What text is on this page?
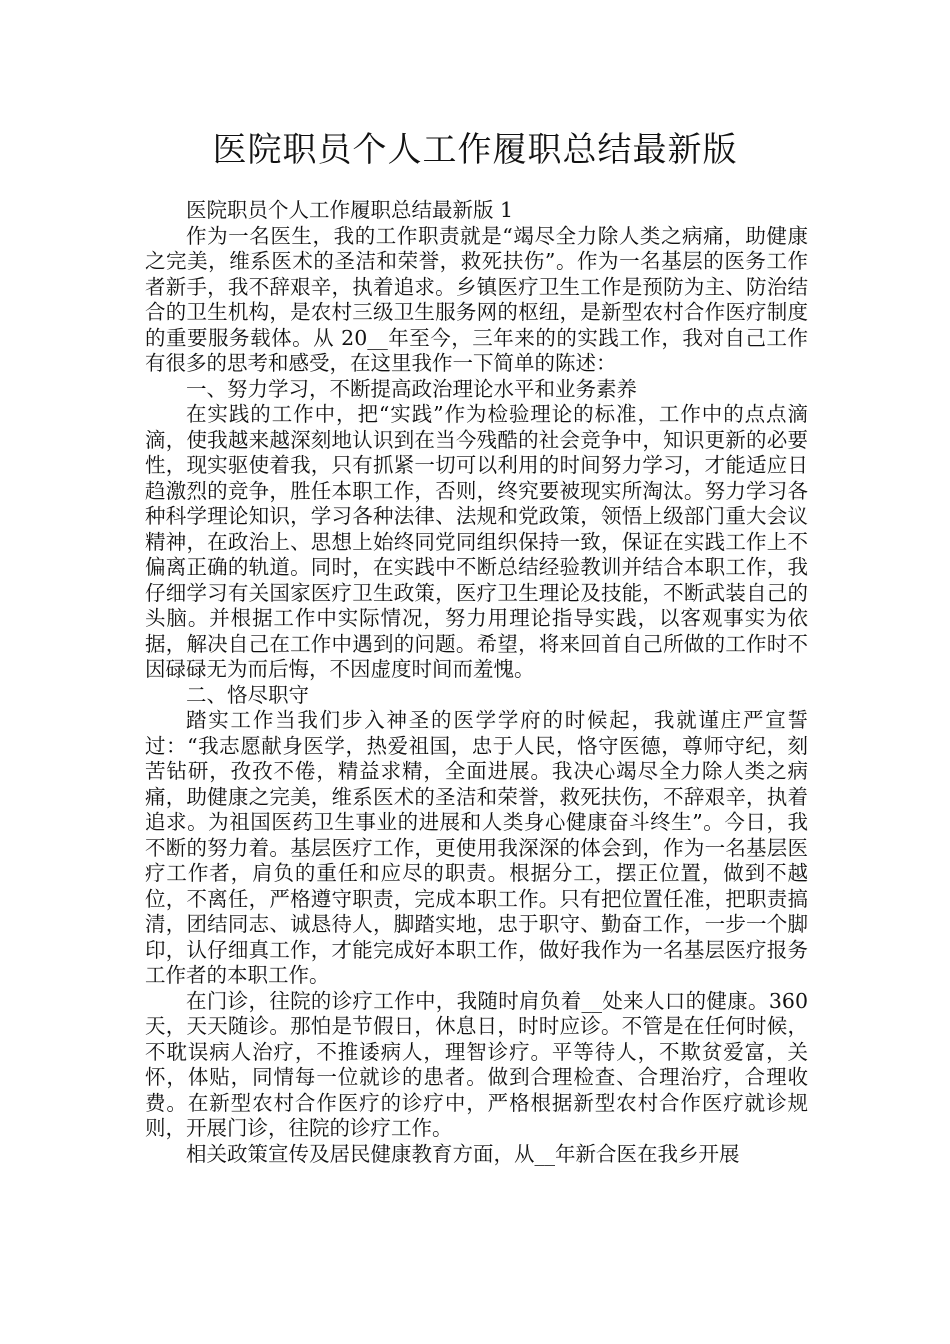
医院职员个人工作履职总结最新版

医院职员个人工作履职总结最新版 1

作为一名医生，我的工作职责就是“竭尽全力除人类之病痛，助健康之完美，维系医术的圣洁和荣誉，救死扶伤”。作为一名基层的医务工作者新手，我不辞艰辛，执着追求。乡镇医疗卫生工作是预防为主、防治结合的卫生机构，是农村三级卫生服务网的枢纽，是新型农村合作医疗制度的重要服务载体。从 20__年至今，三年来的的实践工作，我对自己工作有很多的思考和感受，在这里我作一下简单的陈述：

一、努力学习，不断提高政治理论水平和业务素养

在实践的工作中，把“实践”作为检验理论的标准，工作中的点点滴滴，使我越来越深刻地认识到在当今残酷的社会竞争中，知识更新的必要性，现实驱使着我，只有抓紧一切可以利用的时间努力学习，才能适应日趋激烈的竞争，胜任本职工作，否则，终究要被现实所淘汰。努力学习各种科学理论知识，学习各种法律、法规和党政策，领悟上级部门重大会议精神，在政治上、思想上始终同党同组织保持一致，保证在实践工作上不偏离正确的轨道。同时，在实践中不断总结经验教训并结合本职工作，我仔细学习有关国家医疗卫生政策，医疗卫生理论及技能，不断武装自己的头脑。并根据工作中实际情况，努力用理论指导实践，以客观事实为依据，解决自己在工作中遇到的问题。希望，将来回首自己所做的工作时不因碌碌无为而后悔，不因虚度时间而羞愧。

二、恪尽职守

踏实工作当我们步入神圣的医学学府的时候起，我就谨庄严宣誓过：“我志愿献身医学，热爱祖国，忠于人民，恪守医德，尊师守纪，刻苦钻研，孜孜不倦，精益求精，全面进展。我决心竭尽全力除人类之病痛，助健康之完美，维系医术的圣洁和荣誉，救死扶伤，不辞艰辛，执着追求。为祖国医药卫生事业的进展和人类身心健康奋斗终生”。今日，我不断的努力着。基层医疗工作，更使用我深深的体会到，作为一名基层医疗工作者，肩负的重任和应尽的职责。根据分工，摆正位置，做到不越位，不离任，严格遵守职责，完成本职工作。只有把位置任准，把职责搞清，团结同志、诚恳待人，脚踏实地，忠于职守、勤奋工作，一步一个脚印，认仔细真工作，才能完成好本职工作，做好我作为一名基层医疗报务工作者的本职工作。

在门诊，往院的诊疗工作中，我随时肩负着__处来人口的健康。360 天，天天随诊。那怕是节假日，休息日，时时应诊。不管是在任何时候，不耽误病人治疗，不推诿病人，理智诊疗。平等待人，不欺贫爱富，关怀，体贴，同情每一位就诊的患者。做到合理检查、合理治疗，合理收费。在新型农村合作医疗的诊疗中，严格根据新型农村合作医疗就诊规则，开展门诊，往院的诊疗工作。

相关政策宣传及居民健康教育方面，从__年新合医在我乡开展
